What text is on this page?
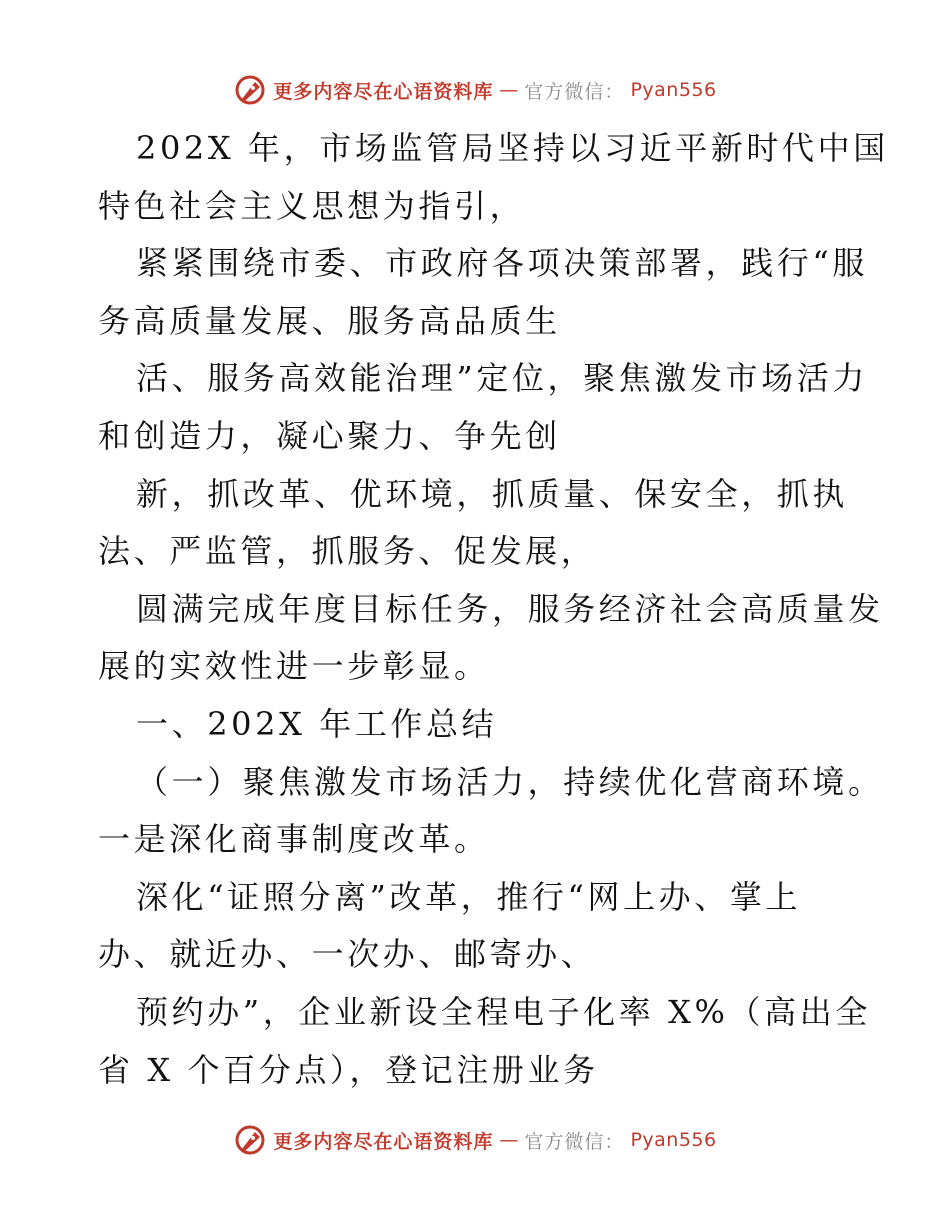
更多内容尽在心语资料库 — 官方微信： Pyan556
202X 年，市场监管局坚持以习近平新时代中国
特色社会主义思想为指引，
紧紧围绕市委、市政府各项决策部署，践行“服
务高质量发展、服务高品质生
活、服务高效能治理”定位，聚焦激发市场活力
和创造力，凝心聚力、争先创
新，抓改革、优环境，抓质量、保安全，抓执
法、严监管，抓服务、促发展，
圆满完成年度目标任务，服务经济社会高质量发
展的实效性进一步彰显。
一、202X 年工作总结
（一）聚焦激发市场活力，持续优化营商环境。
一是深化商事制度改革。
深化“证照分离”改革，推行“网上办、掌上
办、就近办、一次办、邮寄办、
预约办”，企业新设全程电子化率 X%（高出全
省 X 个百分点），登记注册业务
更多内容尽在心语资料库 — 官方微信： Pyan556
